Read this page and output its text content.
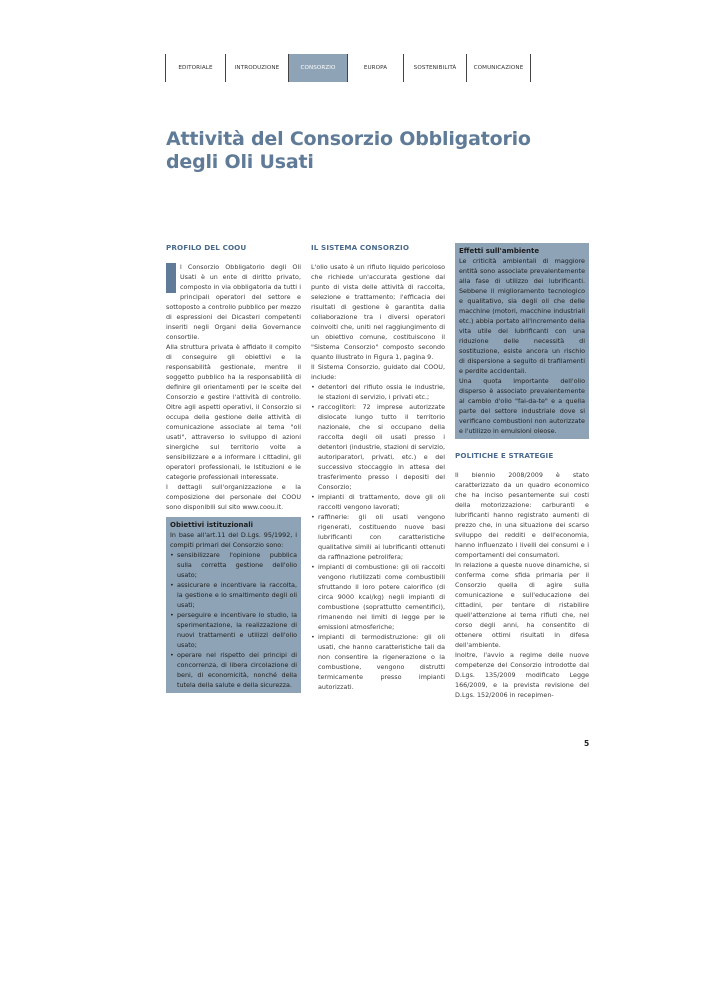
EDITORIALE	INTRODUZIONE	CONSORZIO	EUROPA	SOSTENIBILITÀ	COMUNICAZIONE
Attività del Consorzio Obbligatorio
degli Oli Usati
PROFILO DEL COOU

l Consorzio Obbligatorio degli Oli Usati è un ente di diritto privato, composto in via obbligatoria da tutti i principali operatori del settore e sottoposto a controllo pubblico per mezzo di espressioni dei Dicasteri competenti inseriti negli Organi della Governance consortile.

Alla struttura privata è affidato il compito di conseguire gli obiettivi e la responsabilità gestionale, mentre il soggetto pubblico ha la responsabilità di definire gli orientamenti per le scelte del Consorzio e gestire l'attività di controllo. Oltre agli aspetti operativi, il Consorzio si occupa della gestione delle attività di comunicazione associate al tema "oli usati", attraverso lo sviluppo di azioni sinergiche sul territorio volte a sensibilizzare e a informare i cittadini, gli operatori professionali, le Istituzioni e le categorie professionali interessate.

I dettagli sull'organizzazione e la composizione del personale del COOU sono disponibili sul sito www.coou.it.

Obiettivi istituzionali

In base all'art.11 del D.Lgs. 95/1992, i compiti primari del Consorzio sono:

• sensibilizzare l'opinione pubblica sulla corretta gestione dell'olio usato;
• assicurare e incentivare la raccolta, la gestione e lo smaltimento degli oli usati;
• perseguire e incentivare lo studio, la sperimentazione, la realizzazione di nuovi trattamenti e utilizzi dell'olio usato;
• operare nel rispetto dei principi di concorrenza, di libera circolazione di beni, di economicità, nonché della tutela della salute e della sicurezza.
IL SISTEMA CONSORZIO

L'olio usato è un rifiuto liquido pericoloso che richiede un'accurata gestione dal punto di vista delle attività di raccolta, selezione e trattamento; l'efficacia dei risultati di gestione è garantita dalla collaborazione tra i diversi operatori coinvolti che, uniti nel raggiungimento di un obiettivo comune, costituiscono il "Sistema Consorzio" composto secondo quanto illustrato in Figura 1, pagina 9.

Il Sistema Consorzio, guidato dal COOU, include:

• detentori del rifiuto ossia le industrie, le stazioni di servizio, i privati etc.;
• raccoglitori: 72 imprese autorizzate dislocate lungo tutto il territorio nazionale, che si occupano della raccolta degli oli usati presso i detentori (industrie, stazioni di servizio, autoriparatori, privati, etc.) e del successivo stoccaggio in attesa del trasferimento presso i depositi del Consorzio;
• impianti di trattamento, dove gli oli raccolti vengono lavorati;
• raffinerie: gli oli usati vengono rigenerati, costituendo nuove basi lubrificanti con caratteristiche qualitative simili ai lubrificanti ottenuti da raffinazione petrolifera;
• impianti di combustione: gli oli raccolti vengono riutilizzati come combustibili sfruttando il loro potere calorifico (di circa 9000 kcal/kg) negli impianti di combustione (soprattutto cementifici), rimanendo nei limiti di legge per le emissioni atmosferiche;
• impianti di termodistruzione: gli oli usati, che hanno caratteristiche tali da non consentire la rigenerazione o la combustione, vengono distrutti termicamente presso impianti autorizzati.
Effetti sull'ambiente

Le criticità ambientali di maggiore entità sono associate prevalentemente alla fase di utilizzo dei lubrificanti. Sebbene il miglioramento tecnologico e qualitativo, sia degli oli che delle macchine (motori, macchine industriali etc.) abbia portato all'incremento della vita utile dei lubrificanti con una riduzione delle necessità di sostituzione, esiste ancora un rischio di dispersione a seguito di trafilamenti e perdite accidentali.

Una quota importante dell'olio disperso è associato prevalentemente al cambio d'olio "fai-da-te" e a quella parte del settore industriale dove si verificano combustioni non autorizzate e l'utilizzo in emulsioni oleose.

POLITICHE E STRATEGIE

Il biennio 2008/2009 è stato caratterizzato da un quadro economico che ha inciso pesantemente sui costi della motorizzazione: carburanti e lubrificanti hanno registrato aumenti di prezzo che, in una situazione dei scarso sviluppo dei redditi e dell'economia, hanno influenzato i livelli dei consumi e i comportamenti dei consumatori.

In relazione a queste nuove dinamiche, si conferma come sfida primaria per il Consorzio quella di agire sulla comunicazione e sull'educazione dei cittadini, per tentare di ristabilire quell'attenzione al tema rifiuti che, nel corso degli anni, ha consentito di ottenere ottimi risultati in difesa dell'ambiente.

Inoltre, l'avvio a regime delle nuove competenze del Consorzio introdotte dal D.Lgs. 135/2009 modificato Legge 166/2009, e la prevista revisione del D.Lgs. 152/2006 in recepimen-

5
